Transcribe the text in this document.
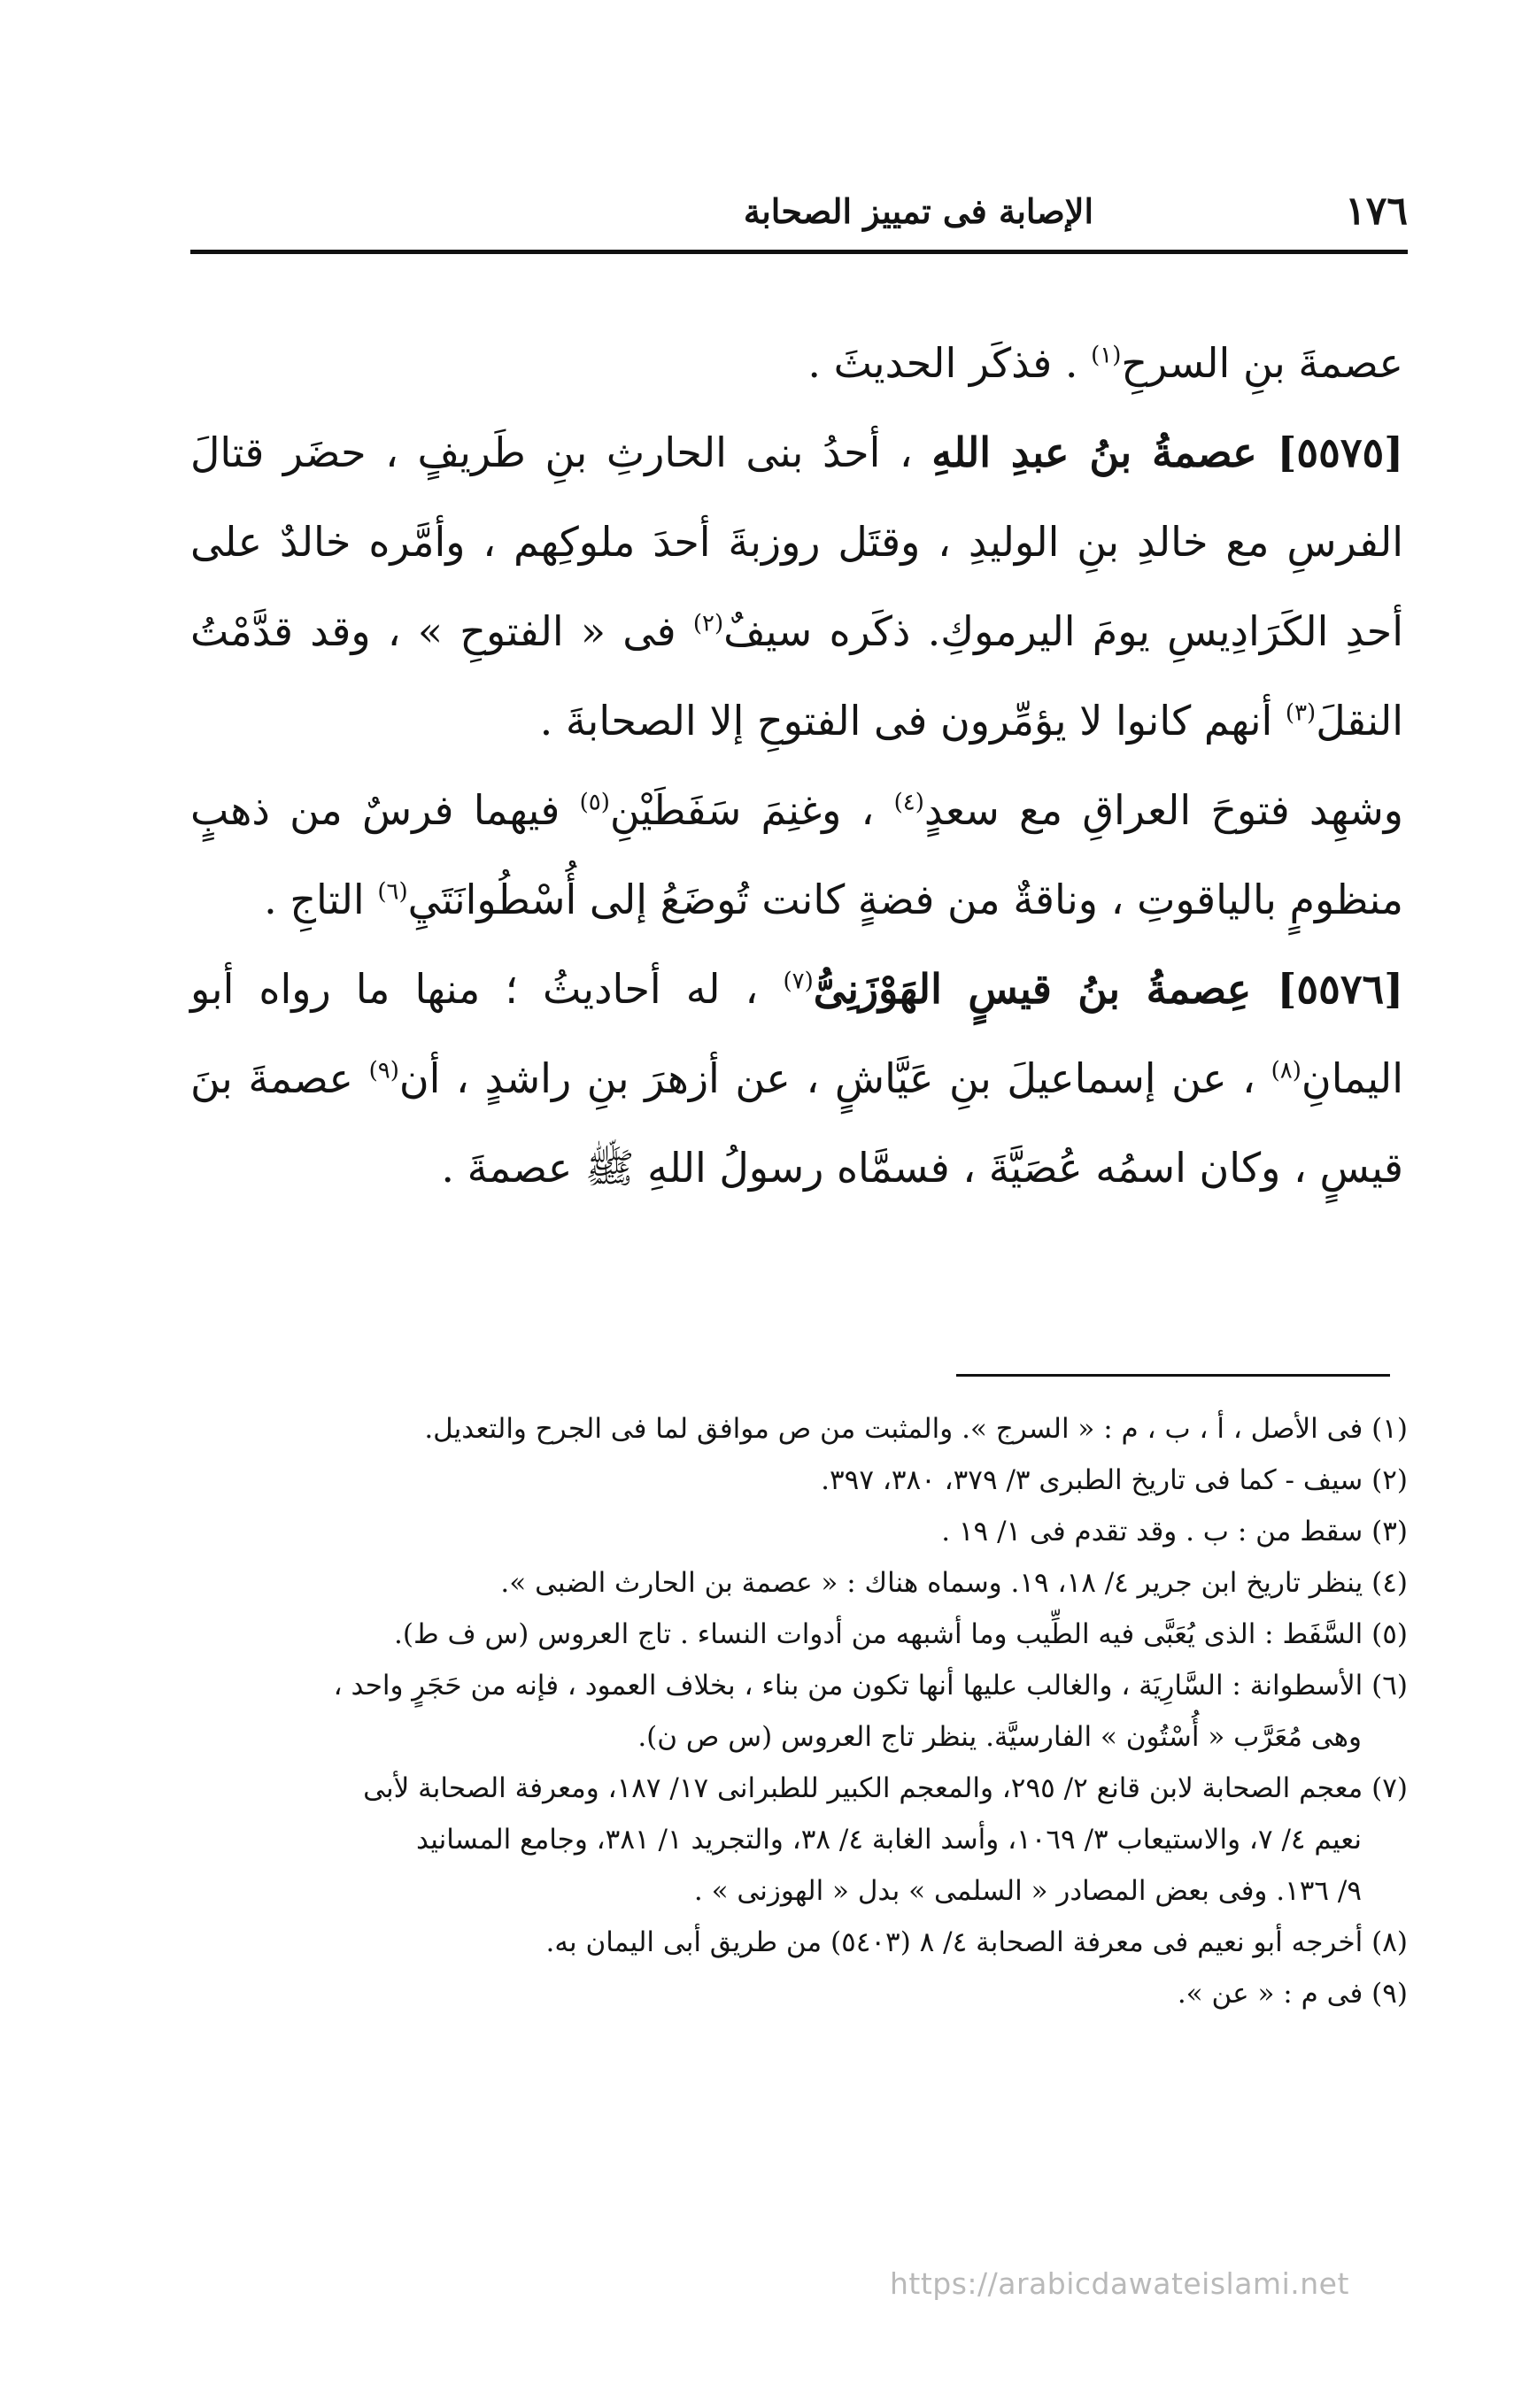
١٧٦
الإصابة فى تمييز الصحابة

عصمةَ بنِ السرحِ$^{(١)}$ . فذكَر الحديثَ .

[٥٥٧٥] عصمةُ بنُ عبدِ اللهِ ، أحدُ بنى الحارثِ بنِ طَريفٍ ، حضَر قتالَ الفرسِ مع خالدِ بنِ الوليدِ ، وقتَل روزبةَ أحدَ ملوكِهم ، وأمَّره خالدٌ على أحدِ الكَرَادِيسِ يومَ اليرموكِ. ذكَره سيفٌ$^{(٢)}$ فى « الفتوحِ » ، وقد قدَّمْتُ النقلَ$^{(٣)}$ أنهم كانوا لا يؤمِّرون فى الفتوحِ إلا الصحابةَ .

وشهِد فتوحَ العراقِ مع سعدٍ$^{(٤)}$ ، وغنِمَ سَفَطَيْنِ$^{(٥)}$ فيهما فرسٌ من ذهبٍ منظومٍ بالياقوتِ ، وناقةٌ من فضةٍ كانت تُوضَعُ إلى أُسْطُوانَتَيِ$^{(٦)}$ التاجِ .

[٥٥٧٦] عِصمةُ بنُ قيسٍ الهَوْزَنِىُّ$^{(٧)}$ ، له أحاديثُ ؛ منها ما رواه أبو اليمانِ$^{(٨)}$ ، عن إسماعيلَ بنِ عَيَّاشٍ ، عن أزهرَ بنِ راشدٍ ، أن$^{(٩)}$ عصمةَ بنَ قيسٍ ، وكان اسمُه عُصَيَّةَ ، فسمَّاه رسولُ اللهِ ﷺ عصمةَ .

(١) فى الأصل ، أ ، ب ، م : « السرج ». والمثبت من ص موافق لما فى الجرح والتعديل.

(٢) سيف - كما فى تاريخ الطبرى ٣/ ٣٧٩، ٣٨٠، ٣٩٧.

(٣) سقط من : ب . وقد تقدم فى ١/ ١٩ .

(٤) ينظر تاريخ ابن جرير ٤/ ١٨، ١٩. وسماه هناك : « عصمة بن الحارث الضبى ».

(٥) السَّفَط : الذى يُعَبَّى فيه الطِّيب وما أشبهه من أدوات النساء . تاج العروس (س ف ط).

(٦) الأسطوانة : السَّارِيَة ، والغالب عليها أنها تكون من بناء ، بخلاف العمود ، فإنه من حَجَرٍ واحد ،

وهى مُعَرَّب « أُسْتُون » الفارسيَّة. ينظر تاج العروس (س ص ن).

(٧) معجم الصحابة لابن قانع ٢/ ٢٩٥، والمعجم الكبير للطبرانى ١٧/ ١٨٧، ومعرفة الصحابة لأبى

نعيم ٤/ ٧، والاستيعاب ٣/ ١٠٦٩، وأسد الغابة ٤/ ٣٨، والتجريد ١/ ٣٨١، وجامع المسانيد

٩/ ١٣٦. وفى بعض المصادر « السلمى » بدل « الهوزنى » .

(٨) أخرجه أبو نعيم فى معرفة الصحابة ٤/ ٨ (٥٤٠٣) من طريق أبى اليمان به.

(٩) فى م : « عن ».

https://arabicdawateislami.net
